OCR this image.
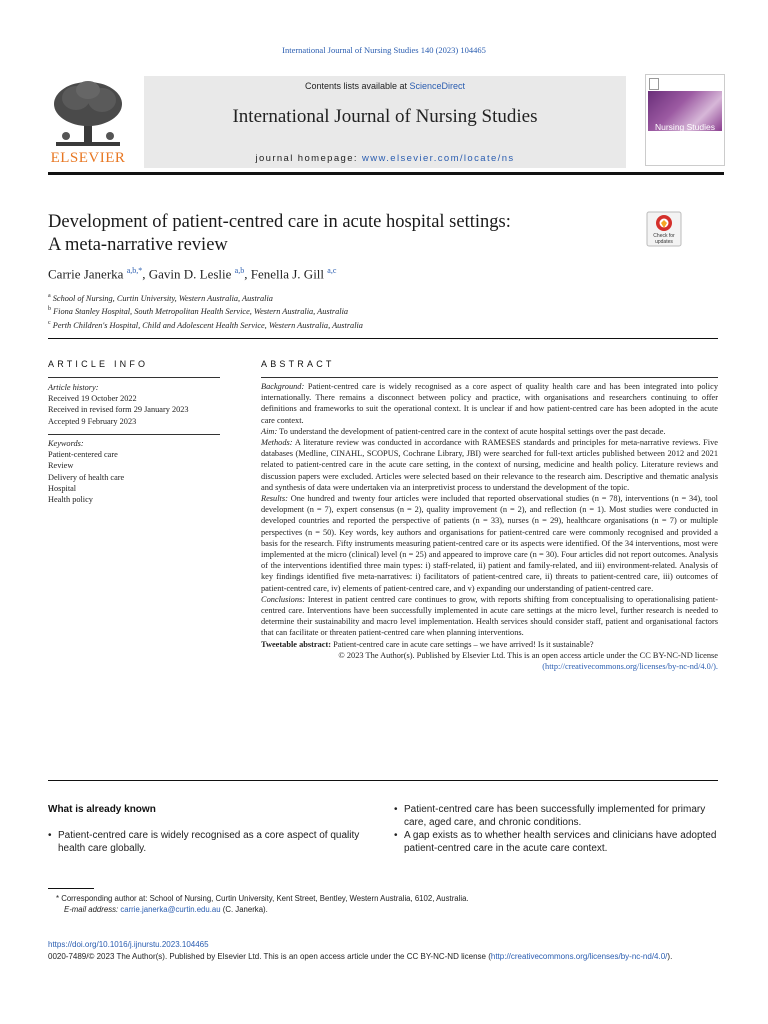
International Journal of Nursing Studies 140 (2023) 104465
ELSEVIER
Contents lists available at ScienceDirect
International Journal of Nursing Studies
journal homepage: www.elsevier.com/locate/ns
Nursing Studies
Development of patient-centred care in acute hospital settings:
A meta-narrative review	Check for updates
Carrie Janerka $^{a,b,*}$, Gavin D. Leslie $^{a,b}$, Fenella J. Gill $^{a,c}$
$^a$ School of Nursing, Curtin University, Western Australia, Australia
$^b$ Fiona Stanley Hospital, South Metropolitan Health Service, Western Australia, Australia
$^c$ Perth Children's Hospital, Child and Adolescent Health Service, Western Australia, Australia
ARTICLE INFO	ABSTRACT
Article history:
Received 19 October 2022
Received in revised form 29 January 2023
Accepted 9 February 2023
Keywords:
Patient-centered care
Review
Delivery of health care
Hospital
Health policy

Background: Patient-centred care is widely recognised as a core aspect of quality health care and has been integrated into policy internationally. There remains a disconnect between policy and practice, with organisations and researchers continuing to offer definitions and frameworks to suit the operational context. It is unclear if and how patient-centred care has been adopted in the acute care context.

Aim: To understand the development of patient-centred care in the context of acute hospital settings over the past decade.

Methods: A literature review was conducted in accordance with RAMESES standards and principles for meta-narrative reviews. Five databases (Medline, CINAHL, SCOPUS, Cochrane Library, JBI) were searched for full-text articles published between 2012 and 2021 related to patient-centred care in the acute care setting, in the context of nursing, medicine and health policy. Literature reviews and discussion papers were excluded. Articles were selected based on their relevance to the research aim. Descriptive and thematic analysis and synthesis of data were undertaken via an interpretivist process to understand the development of the topic.

Results: One hundred and twenty four articles were included that reported observational studies (n = 78), interventions (n = 34), tool development (n = 7), expert consensus (n = 2), quality improvement (n = 2), and reflection (n = 1). Most studies were conducted in developed countries and reported the perspective of patients (n = 33), nurses (n = 29), healthcare organisations (n = 7) or multiple perspectives (n = 50). Key words, key authors and organisations for patient-centred care were commonly recognised and provided a basis for the research. Fifty instruments measuring patient-centred care or its aspects were identified. Of the 34 interventions, most were implemented at the micro (clinical) level (n = 25) and appeared to improve care (n = 30). Four articles did not report outcomes. Analysis of the interventions identified three main types: i) staff-related, ii) patient and family-related, and iii) environment-related. Analysis of key findings identified five meta-narratives: i) facilitators of patient-centred care, ii) threats to patient-centred care, iii) outcomes of patient-centred care, iv) elements of patient-centred care, and v) expanding our understanding of patient-centred care.

Conclusions: Interest in patient centred care continues to grow, with reports shifting from conceptualising to operationalising patient-centred care. Interventions have been successfully implemented in acute care settings at the micro level, further research is needed to determine their sustainability and macro level implementation. Health services should consider staff, patient and organisational factors that can facilitate or threaten patient-centred care when planning interventions.

Tweetable abstract: Patient-centred care in acute care settings – we have arrived! Is it sustainable?

© 2023 The Author(s). Published by Elsevier Ltd. This is an open access article under the CC BY-NC-ND license
(http://creativecommons.org/licenses/by-nc-nd/4.0/).

What is already known
• Patient-centred care is widely recognised as a core aspect of quality health care globally.
• Patient-centred care has been successfully implemented for primary care, aged care, and chronic conditions.
• A gap exists as to whether health services and clinicians have adopted patient-centred care in the acute care context.
* Corresponding author at: School of Nursing, Curtin University, Kent Street, Bentley, Western Australia, 6102, Australia.
E-mail address: carrie.janerka@curtin.edu.au (C. Janerka).
https://doi.org/10.1016/j.ijnurstu.2023.104465
0020-7489/© 2023 The Author(s). Published by Elsevier Ltd. This is an open access article under the CC BY-NC-ND license (http://creativecommons.org/licenses/by-nc-nd/4.0/).
